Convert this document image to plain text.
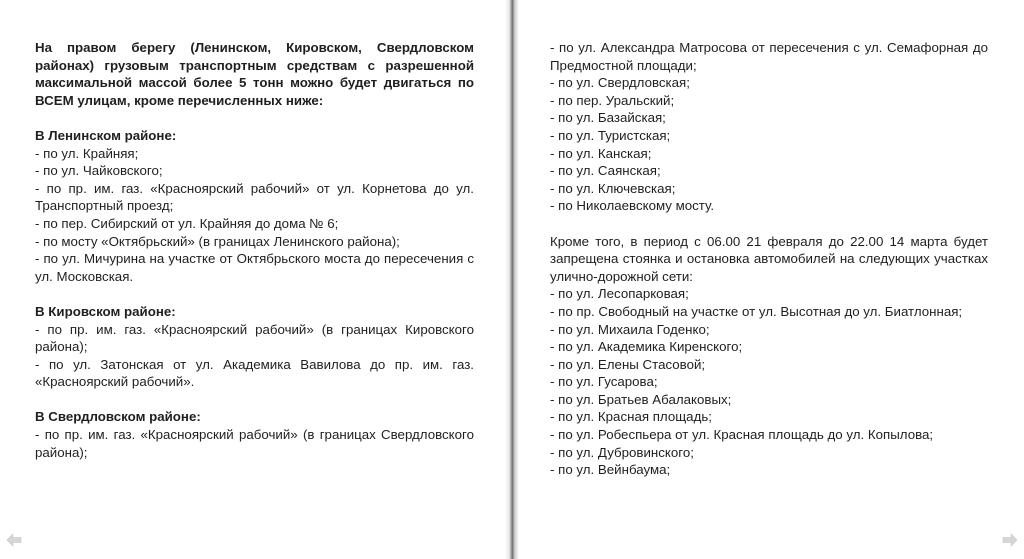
На правом берегу (Ленинском, Кировском, Свердловском районах) грузовым транспортным средствам с разрешенной максимальной массой более 5 тонн можно будет двигаться по ВСЕМ улицам, кроме перечисленных ниже:

В Ленинском районе:

- по ул. Крайняя;

- по ул. Чайковского;

- по пр. им. газ. «Красноярский рабочий» от ул. Корнетова до ул. Транспортный проезд;

- по пер. Сибирский от ул. Крайняя до дома № 6;

- по мосту «Октябрьский» (в границах Ленинского района);

- по ул. Мичурина на участке от Октябрьского моста до пересечения с ул. Московская.

В Кировском районе:

- по пр. им. газ. «Красноярский рабочий» (в границах Кировского района);

- по ул. Затонская от ул. Академика Вавилова до пр. им. газ. «Красноярский рабочий».

В Свердловском районе:

- по пр. им. газ. «Красноярский рабочий» (в границах Свердловского района);

- по ул. Александра Матросова от пересечения с ул. Семафорная до Предмостной площади;

- по ул. Свердловская;

- по пер. Уральский;

- по ул. Базайская;

- по ул. Туристская;

- по ул. Канская;

- по ул. Саянская;

- по ул. Ключевская;

- по Николаевскому мосту.

Кроме того, в период с 06.00 21 февраля до 22.00 14 марта будет запрещена стоянка и остановка автомобилей на следующих участках улично-дорожной сети:

- по ул. Лесопарковая;

- по пр. Свободный на участке от ул. Высотная до ул. Биатлонная;

- по ул. Михаила Годенко;

- по ул. Академика Киренского;

- по ул. Елены Стасовой;

- по ул. Гусарова;

- по ул. Братьев Абалаковых;

- по ул. Красная площадь;

- по ул. Робеспьера от ул. Красная площадь до ул. Копылова;

- по ул. Дубровинского;

- по ул. Вейнбаума;
